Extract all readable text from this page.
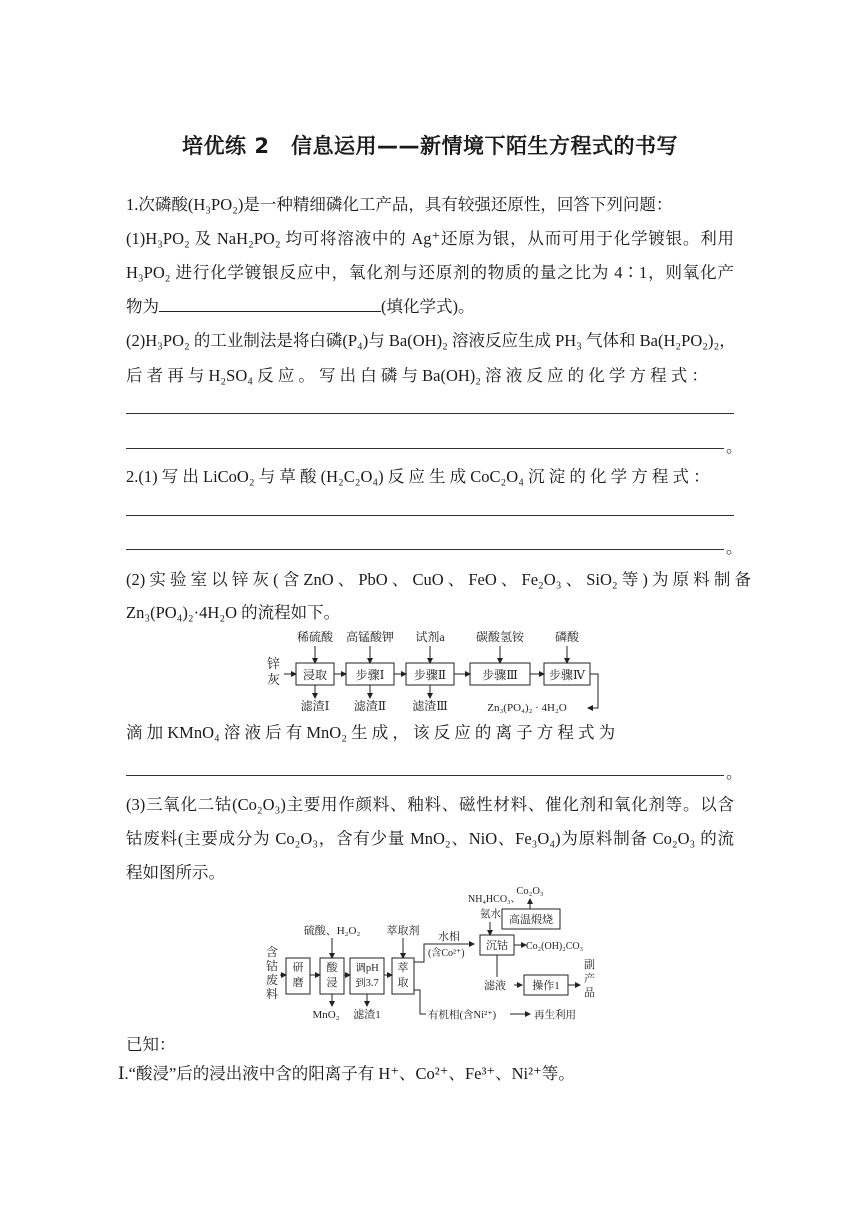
培优练 2　信息运用——新情境下陌生方程式的书写
1.次磷酸(H₃PO₂)是一种精细磷化工产品，具有较强还原性，回答下列问题：
(1)H₃PO₂ 及 NaH₂PO₂ 均可将溶液中的 Ag⁺还原为银，从而可用于化学镀银。利用
H₃PO₂ 进行化学镀银反应中，氧化剂与还原剂的物质的量之比为 4∶1，则氧化产
物为	(填化学式)。
(2)H₃PO₂ 的工业制法是将白磷(P₄)与 Ba(OH)₂ 溶液反应生成 PH₃ 气体和 Ba(H₂PO₂)₂，
后 者 再 与 H₂SO₄ 反 应 。 写 出 白 磷 与 Ba(OH)₂ 溶 液 反 应 的 化 学 方 程 式 ：
。
2.(1) 写 出 LiCoO₂ 与 草 酸 (H₂C₂O₄) 反 应 生 成 CoC₂O₄ 沉 淀 的 化 学 方 程 式 ：
。
(2) 实 验 室 以 锌 灰 ( 含 ZnO 、 PbO 、 CuO 、 FeO 、 Fe₂O₃ 、 SiO₂ 等 ) 为 原 料 制 备
Zn₃(PO₄)₂·4H₂O 的流程如下。
锌
灰 浸取 步骤Ⅰ 步骤Ⅱ	步骤Ⅲ	步骤Ⅳ
稀硫酸 高锰酸钾 试剂a	碳酸氢铵	磷酸
滤渣Ⅰ 滤渣Ⅱ 滤渣Ⅲ	Zn₃(PO₄)₂ · 4H₂O
滴 加 KMnO₄ 溶 液 后 有 MnO₂ 生 成 ， 该 反 应 的 离 子 方 程 式 为
。
(3)三氧化二钴(Co₂O₃)主要用作颜料、釉料、磁性材料、催化剂和氧化剂等。以含
钴废料(主要成分为 Co₂O₃，含有少量 MnO₂、NiO、Fe₃O₄)为原料制备 Co₂O₃ 的流
程如图所示。
含
钴
废
料
研
磨
酸
浸
调pH
到3.7
萃
取
硫酸、H₂O₂ 萃取剂
MnO₂ 滤渣1
水相
(含Co²⁺)
有机相(含Ni²⁺)	再生利用
NH₄HCO₃、
氨水
沉钴
高温煅烧
Co₂O₃
Co₂(OH)₂CO₃
滤液 操作1
副
产
品
已知：
Ⅰ.“酸浸”后的浸出液中含的阳离子有 H⁺、Co²⁺、Fe³⁺、Ni²⁺等。
